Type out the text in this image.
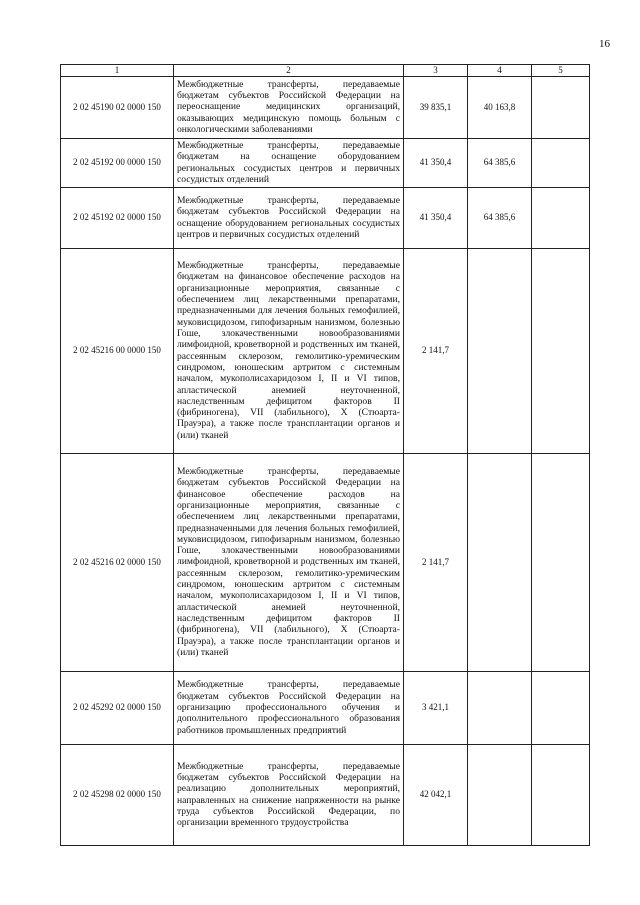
16
1	2	3	4	5
2 02 45190 02 0000 150	Межбюджетные трансферты, передаваемые бюджетам субъектов Российской Федерации на переоснащение медицинских организаций, оказывающих медицинскую помощь больным с онкологическими заболеваниями	39 835,1	40 163,8	
2 02 45192 00 0000 150	Межбюджетные трансферты, передаваемые бюджетам на оснащение оборудованием региональных сосудистых центров и первичных сосудистых отделений	41 350,4	64 385,6	
2 02 45192 02 0000 150	Межбюджетные трансферты, передаваемые бюджетам субъектов Российской Федерации на оснащение оборудованием региональных сосудистых центров и первичных сосудистых отделений	41 350,4	64 385,6	
2 02 45216 00 0000 150	Межбюджетные трансферты, передаваемые бюджетам на финансовое обеспечение расходов на организационные мероприятия, связанные с обеспечением лиц лекарственными препаратами, предназначенными для лечения больных гемофилией, муковисцидозом, гипофизарным нанизмом, болезнью Гоше, злокачественными новообразованиями лимфоидной, кроветворной и родственных им тканей, рассеянным склерозом, гемолитико-уремическим синдромом, юношеским артритом с системным началом, мукополисахаридозом I, II и VI типов, апластической анемией неуточненной, наследственным дефицитом факторов II (фибриногена), VII (лабильного), X (Стюарта-Прауэра), а также после трансплантации органов и (или) тканей	2 141,7		
2 02 45216 02 0000 150	Межбюджетные трансферты, передаваемые бюджетам субъектов Российской Федерации на финансовое обеспечение расходов на организационные мероприятия, связанные с обеспечением лиц лекарственными препаратами, предназначенными для лечения больных гемофилией, муковисцидозом, гипофизарным нанизмом, болезнью Гоше, злокачественными новообразованиями лимфоидной, кроветворной и родственных им тканей, рассеянным склерозом, гемолитико-уремическим синдромом, юношеским артритом с системным началом, мукополисахаридозом I, II и VI типов, апластической анемией неуточненной, наследственным дефицитом факторов II (фибриногена), VII (лабильного), X (Стюарта-Прауэра), а также после трансплантации органов и (или) тканей	2 141,7		
2 02 45292 02 0000 150	Межбюджетные трансферты, передаваемые бюджетам субъектов Российской Федерации на организацию профессионального обучения и дополнительного профессионального образования работников промышленных предприятий	3 421,1		
2 02 45298 02 0000 150	Межбюджетные трансферты, передаваемые бюджетам субъектов Российской Федерации на реализацию дополнительных мероприятий, направленных на снижение напряженности на рынке труда субъектов Российской Федерации, по организации временного трудоустройства	42 042,1		
